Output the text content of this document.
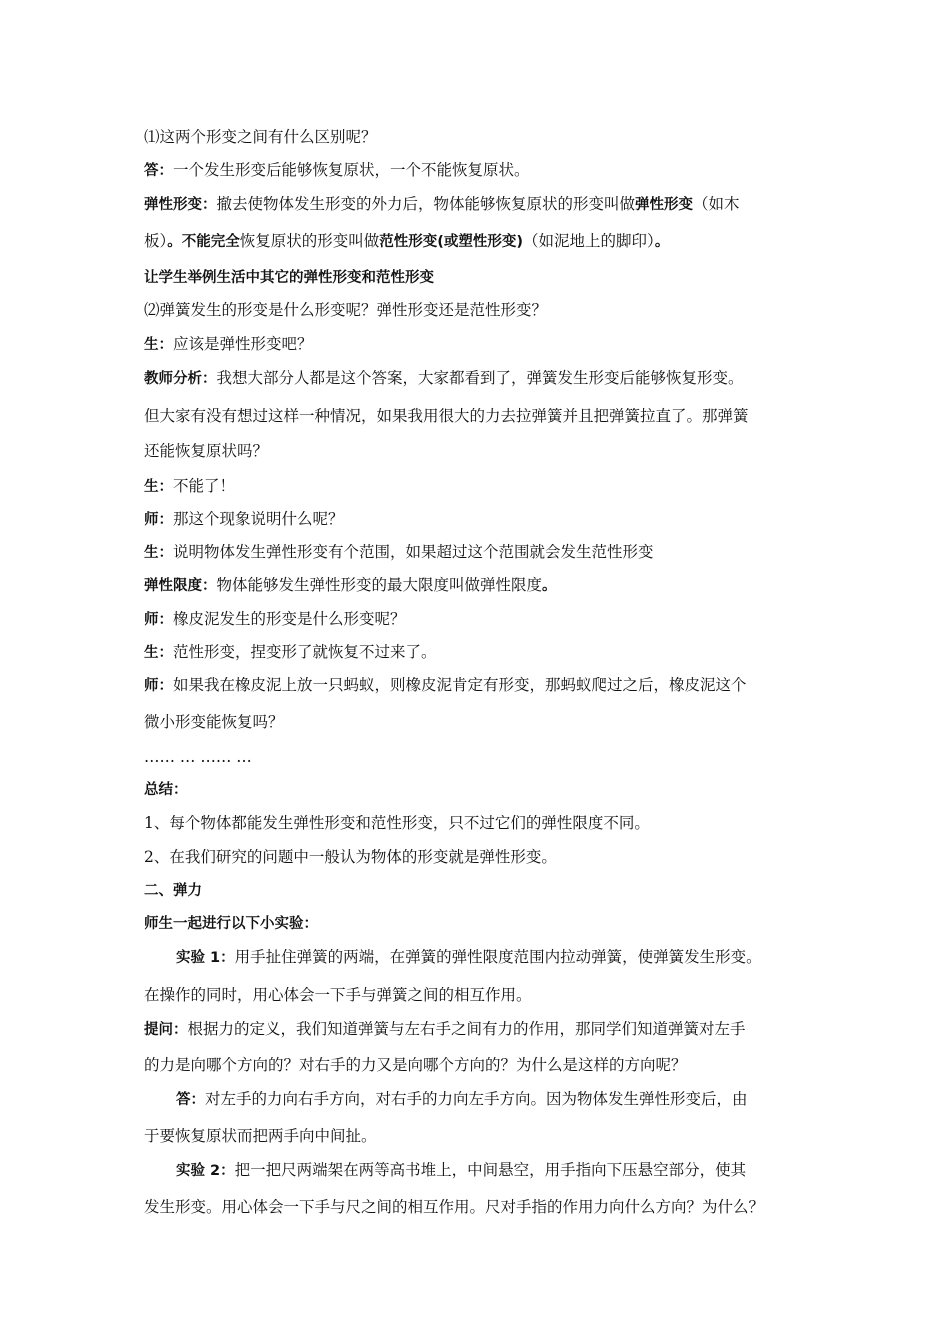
⑴这两个形变之间有什么区别呢？
答：一个发生形变后能够恢复原状，一个不能恢复原状。
弹性形变：撤去使物体发生形变的外力后，物体能够恢复原状的形变叫做弹性形变（如木
板）。不能完全恢复原状的形变叫做范性形变(或塑性形变)（如泥地上的脚印）。
让学生举例生活中其它的弹性形变和范性形变
⑵弹簧发生的形变是什么形变呢？弹性形变还是范性形变？
生：应该是弹性形变吧？
教师分析：我想大部分人都是这个答案，大家都看到了，弹簧发生形变后能够恢复形变。
但大家有没有想过这样一种情况，如果我用很大的力去拉弹簧并且把弹簧拉直了。那弹簧
还能恢复原状吗？
生：不能了！
师：那这个现象说明什么呢？
生：说明物体发生弹性形变有个范围，如果超过这个范围就会发生范性形变
弹性限度：物体能够发生弹性形变的最大限度叫做弹性限度。
师：橡皮泥发生的形变是什么形变呢？
生：范性形变，捏变形了就恢复不过来了。
师：如果我在橡皮泥上放一只蚂蚁，则橡皮泥肯定有形变，那蚂蚁爬过之后，橡皮泥这个
微小形变能恢复吗？
…… … …… …
总结：
1、每个物体都能发生弹性形变和范性形变，只不过它们的弹性限度不同。
2、在我们研究的问题中一般认为物体的形变就是弹性形变。
二、弹力
师生一起进行以下小实验：
实验 1：用手扯住弹簧的两端，在弹簧的弹性限度范围内拉动弹簧，使弹簧发生形变。
在操作的同时，用心体会一下手与弹簧之间的相互作用。
提问：根据力的定义，我们知道弹簧与左右手之间有力的作用，那同学们知道弹簧对左手
的力是向哪个方向的？对右手的力又是向哪个方向的？为什么是这样的方向呢？
答：对左手的力向右手方向，对右手的力向左手方向。因为物体发生弹性形变后，由
于要恢复原状而把两手向中间扯。
实验 2：把一把尺两端架在两等高书堆上，中间悬空，用手指向下压悬空部分，使其
发生形变。用心体会一下手与尺之间的相互作用。尺对手指的作用力向什么方向？为什么？
